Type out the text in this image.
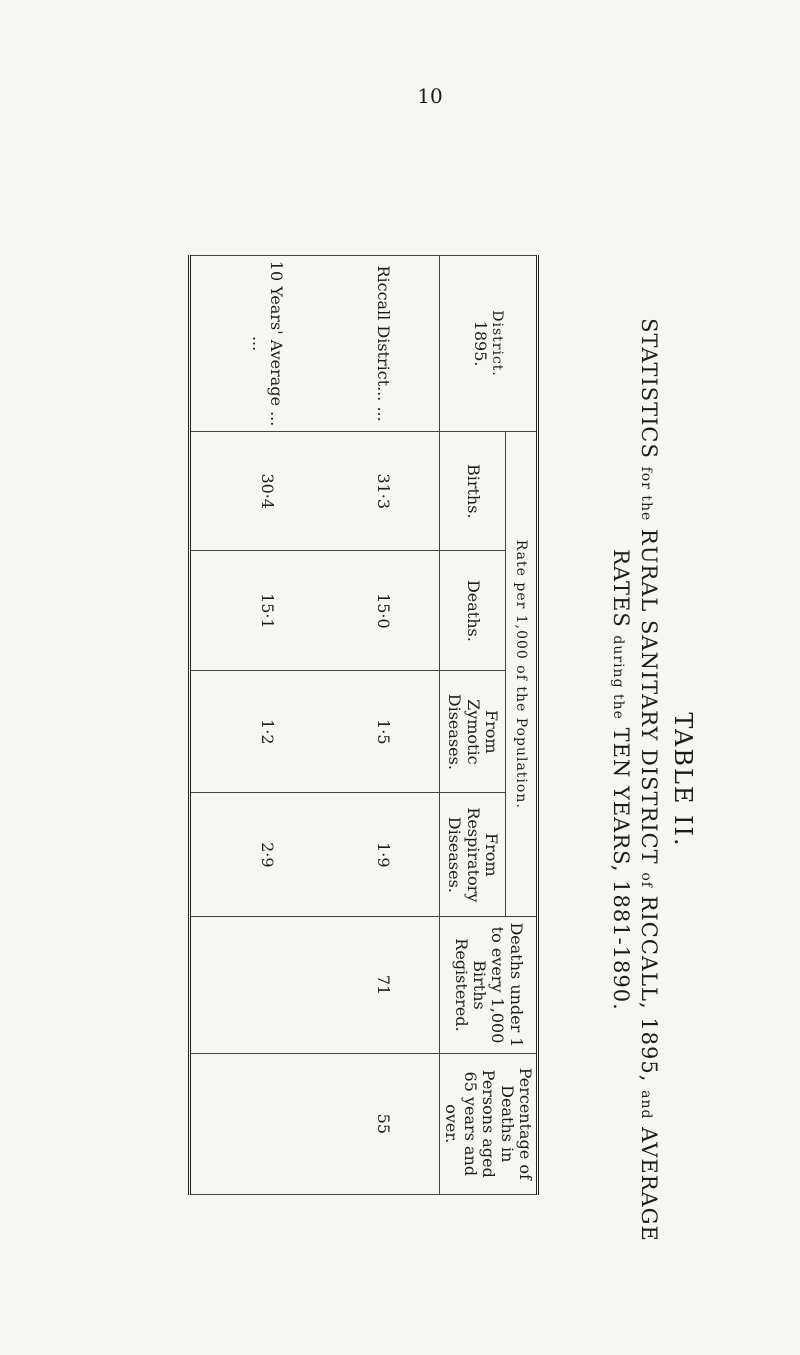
10
TABLE II.
STATISTICS for the RURAL SANITARY DISTRICT of RICCALL, 1895, and AVERAGE
RATES during the TEN YEARS, 1881-1890.
District.
1895.	Rate per 1,000 of the Population.				Deaths under 1 to every 1,000 Births Registered.	Percentage of Deaths in Persons aged 65 years and over.
	Births.	Deaths.	From Zymotic Diseases.	From Respiratory Diseases.		
Riccall District... ...	31·3	15·0	1·5	1·9	71	55
10 Years' Average ... ...	30·4	15·1	1·2	2·9		
